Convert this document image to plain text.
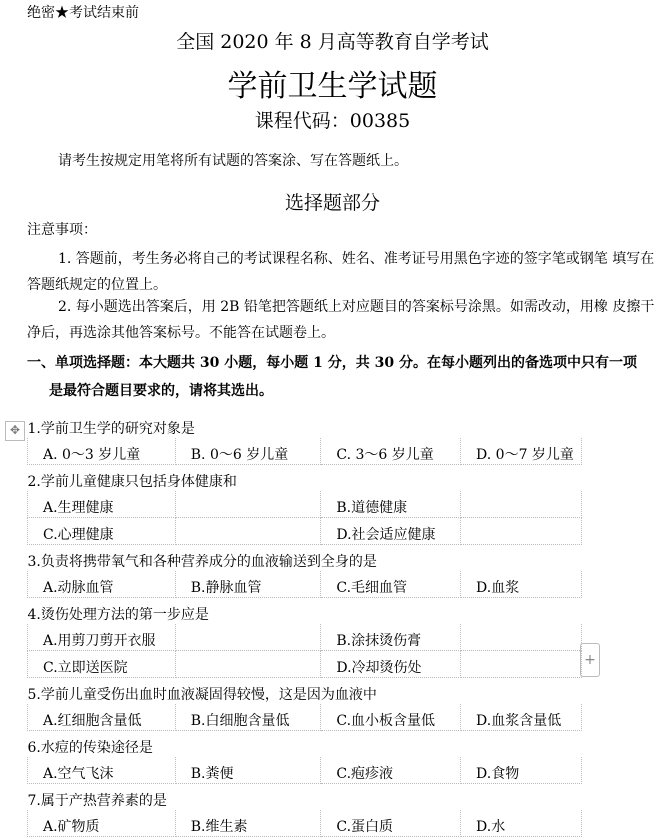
绝密★考试结束前
全国 2020 年 8 月高等教育自学考试
学前卫生学试题
课程代码：00385
请考生按规定用笔将所有试题的答案涂、写在答题纸上。
选择题部分
注意事项：
1. 答题前，考生务必将自己的考试课程名称、姓名、准考证号用黑色字迹的签字笔或钢笔 填写在答题纸规定的位置上。
2. 每小题选出答案后，用 2B 铅笔把答题纸上对应题目的答案标号涂黑。如需改动，用橡 皮擦干净后，再选涂其他答案标号。不能答在试题卷上。
一、单项选择题：本大题共 30 小题，每小题 1 分，共 30 分。在每小题列出的备选项中只有一项
是最符合题目要求的，请将其选出。
1.学前卫生学的研究对象是			
A. 0～3 岁儿童	B. 0～6 岁儿童	C. 3～6 岁儿童	D. 0～7 岁儿童
2.学前儿童健康只包括身体健康和			
A.生理健康		B.道德健康	
C.心理健康		D.社会适应健康	
3.负责将携带氧气和各种营养成分的血液输送到全身的是			
A.动脉血管	B.静脉血管	C.毛细血管	D.血浆
4.烫伤处理方法的第一步应是			
A.用剪刀剪开衣服		B.涂抹烫伤膏	
C.立即送医院		D.冷却烫伤处	
5.学前儿童受伤出血时血液凝固得较慢，这是因为血液中			
A.红细胞含量低	B.白细胞含量低	C.血小板含量低	D.血浆含量低
6.水痘的传染途径是			
A.空气飞沫	B.粪便	C.疱疹液	D.食物
7.属于产热营养素的是			
A.矿物质	B.维生素	C.蛋白质	D.水
✥
+
